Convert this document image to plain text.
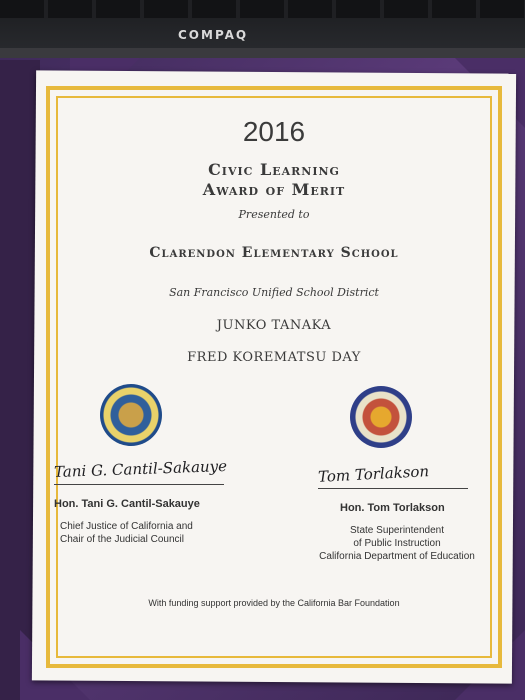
COMPAQ
2016
Civic Learning
Award of Merit
Presented to
Clarendon Elementary School
San Francisco Unified School District
JUNKO TANAKA
FRED KOREMATSU DAY
Tani G. Cantil-Sakauye
Hon. Tani G. Cantil-Sakauye
Chief Justice of California and
Chair of the Judicial Council
Tom Torlakson
Hon. Tom Torlakson
State Superintendent
of Public Instruction
California Department of Education
With funding support provided by the California Bar Foundation
